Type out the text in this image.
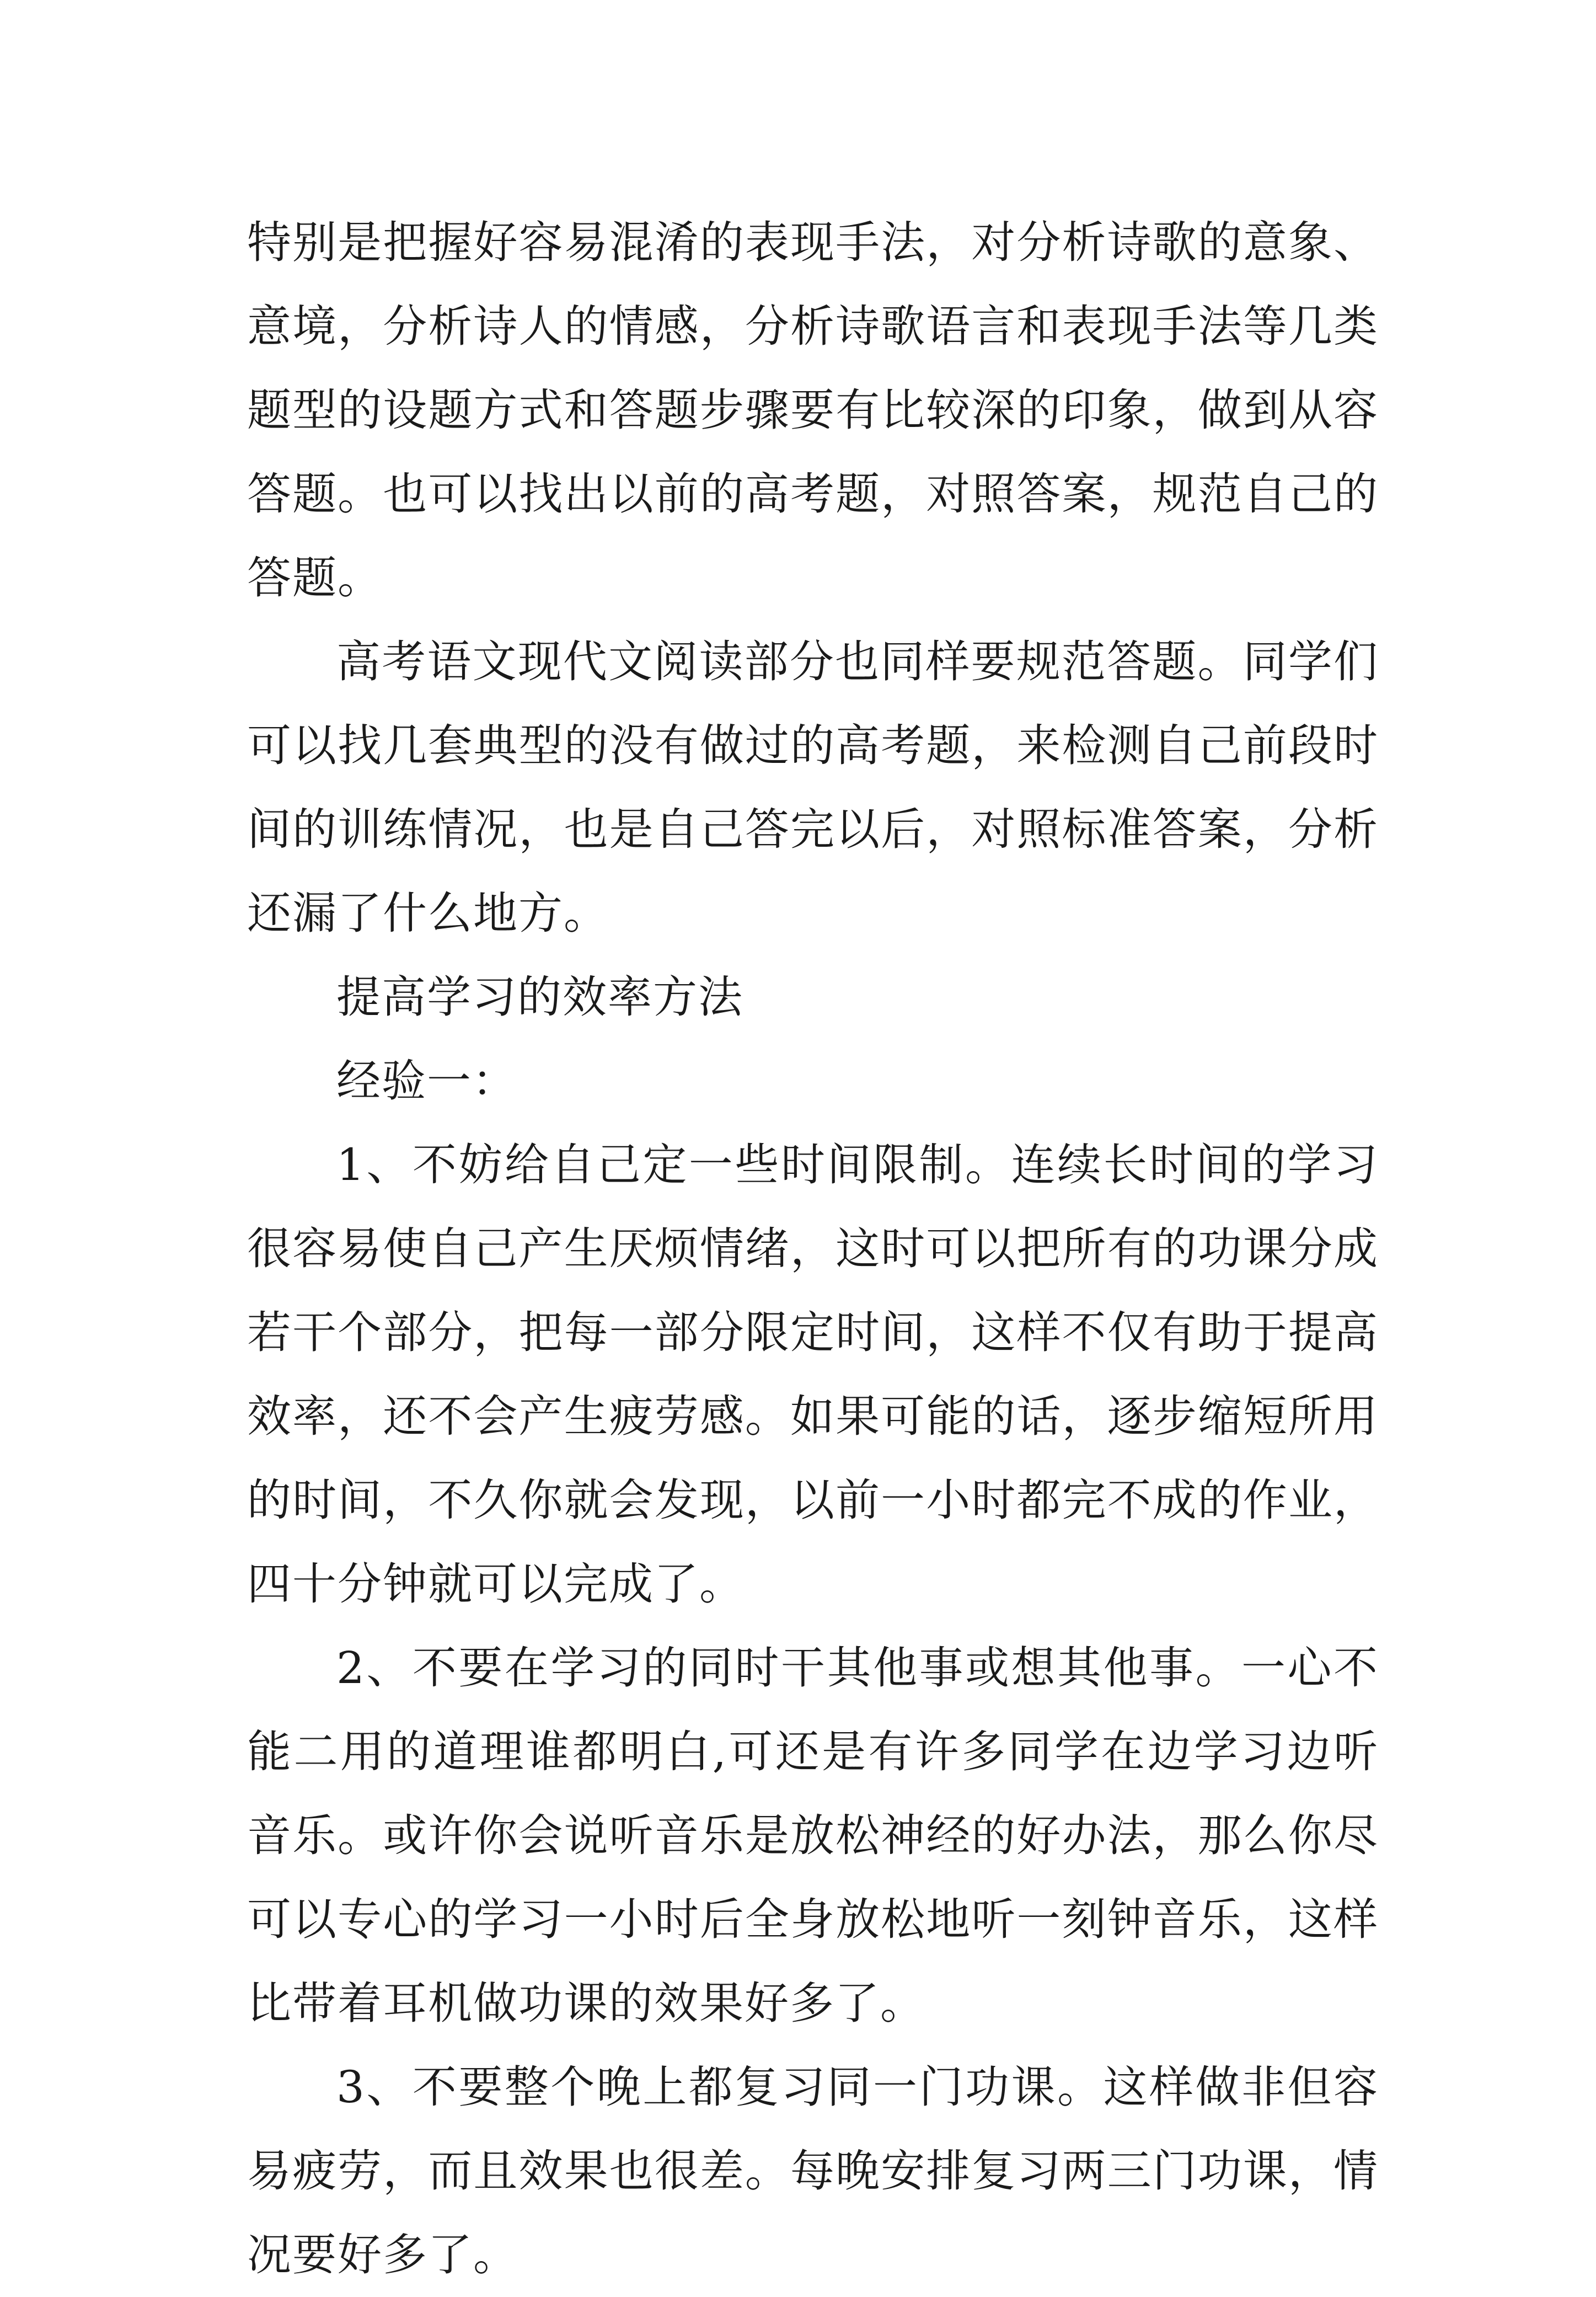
特别是把握好容易混淆的表现手法，对分析诗歌的意象、意境，分析诗人的情感，分析诗歌语言和表现手法等几类题型的设题方式和答题步骤要有比较深的印象，做到从容答题。也可以找出以前的高考题，对照答案，规范自己的答题。

高考语文现代文阅读部分也同样要规范答题。同学们可以找几套典型的没有做过的高考题，来检测自己前段时间的训练情况，也是自己答完以后，对照标准答案，分析还漏了什么地方。

提高学习的效率方法

经验一：

1、不妨给自己定一些时间限制。连续长时间的学习很容易使自己产生厌烦情绪，这时可以把所有的功课分成若干个部分，把每一部分限定时间，这样不仅有助于提高效率，还不会产生疲劳感。如果可能的话，逐步缩短所用的时间，不久你就会发现，以前一小时都完不成的作业，四十分钟就可以完成了。

2、不要在学习的同时干其他事或想其他事。一心不能二用的道理谁都明白,可还是有许多同学在边学习边听音乐。或许你会说听音乐是放松神经的好办法，那么你尽可以专心的学习一小时后全身放松地听一刻钟音乐，这样比带着耳机做功课的效果好多了。

3、不要整个晚上都复习同一门功课。这样做非但容易疲劳，而且效果也很差。每晚安排复习两三门功课，情况要好多了。
